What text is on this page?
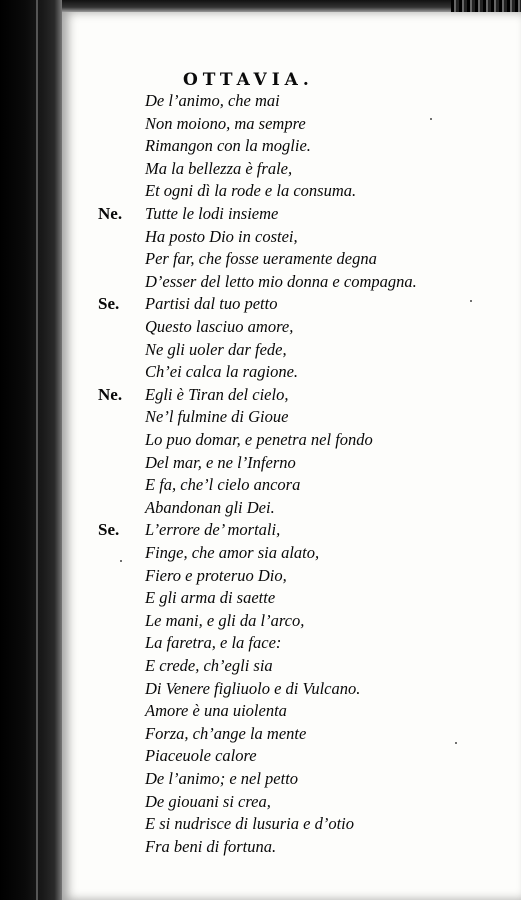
OTTAVIA.
De l’animo, che mai
Non moiono, ma sempre
Rimangon con la moglie.
Ma la bellezza è frale,
Et ogni dì la rode e la consuma.
Ne. Tutte le lodi insieme
Ha posto Dio in costei,
Per far, che fosse ueramente degna
D’esser del letto mio donna e compagna.
Se. Partisi dal tuo petto
Questo lasciuo amore,
Ne gli uoler dar fede,
Ch’ei calca la ragione.
Ne. Egli è Tiran del cielo,
Ne’l fulmine di Gioue
Lo puo domar, e penetra nel fondo
Del mar, e ne l’Inferno
E fa, che’l cielo ancora
Abandonan gli Dei.
Se. L’errore de’ mortali,
Finge, che amor sia alato,
Fiero e proteruo Dio,
E gli arma di saette
Le mani, e gli da l’arco,
La faretra, e la face:
E crede, ch’egli sia
Di Venere figliuolo e di Vulcano.
Amore è una uiolenta
Forza, ch’ange la mente
Piaceuole calore
De l’animo; e nel petto
De giouani si crea,
E si nudrisce di lusuria e d’otio
Fra beni di fortuna.
